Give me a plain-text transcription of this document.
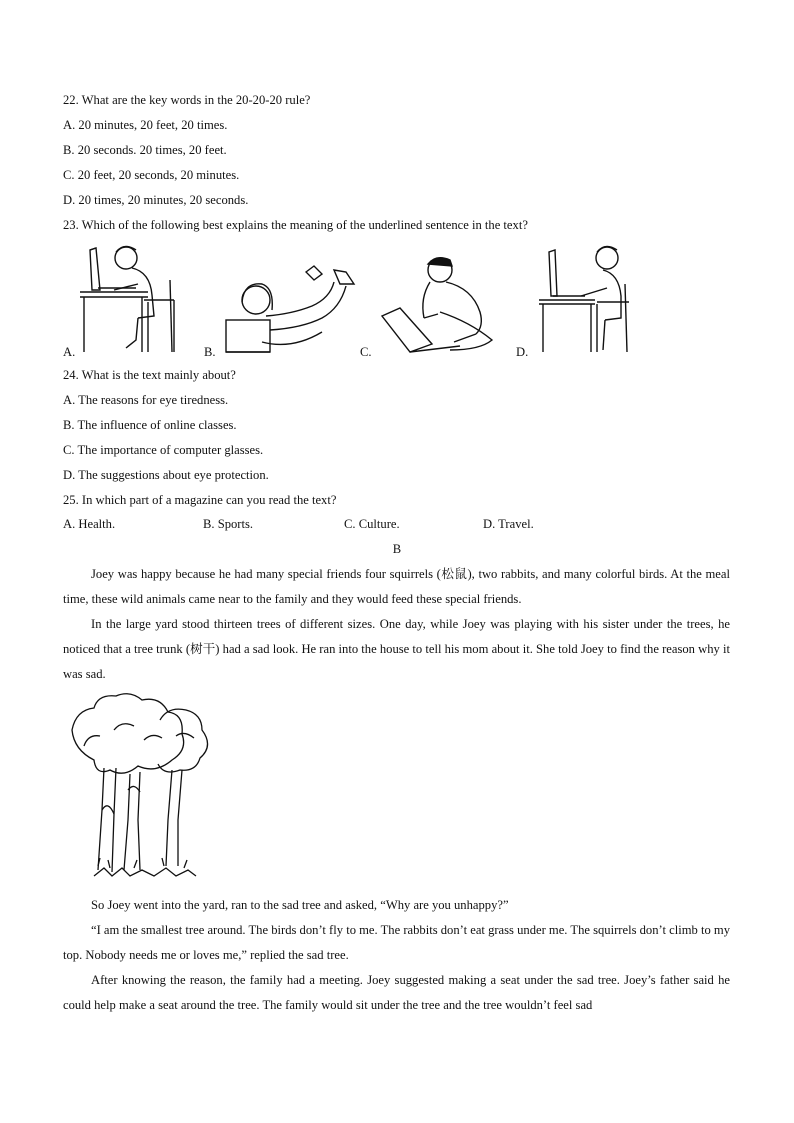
22. What are the key words in the 20-20-20 rule?
A. 20 minutes, 20 feet, 20 times.
B. 20 seconds. 20 times, 20 feet.
C. 20 feet, 20 seconds, 20 minutes.
D. 20 times, 20 minutes, 20 seconds.
23. Which of the following best explains the meaning of the underlined sentence in the text?
A.	B.	C.	D.
24. What is the text mainly about?
A. The reasons for eye tiredness.
B. The influence of online classes.
C. The importance of computer glasses.
D. The suggestions about eye protection.
25. In which part of a magazine can you read the text?
A. Health.	B. Sports.	C. Culture.	D. Travel.
B

Joey was happy because he had many special friends four squirrels (松鼠), two rabbits, and many colorful birds. At the meal time, these wild animals came near to the family and they would feed these special friends.

In the large yard stood thirteen trees of different sizes. One day, while Joey was playing with his sister under the trees, he noticed that a tree trunk (树干) had a sad look. He ran into the house to tell his mom about it. She told Joey to find the reason why it was sad.

So Joey went into the yard, ran to the sad tree and asked, “Why are you unhappy?”

“I am the smallest tree around. The birds don’t fly to me. The rabbits don’t eat grass under me. The squirrels don’t climb to my top. Nobody needs me or loves me,” replied the sad tree.

After knowing the reason, the family had a meeting. Joey suggested making a seat under the sad tree. Joey’s father said he could help make a seat around the tree. The family would sit under the tree and the tree wouldn’t feel sad
